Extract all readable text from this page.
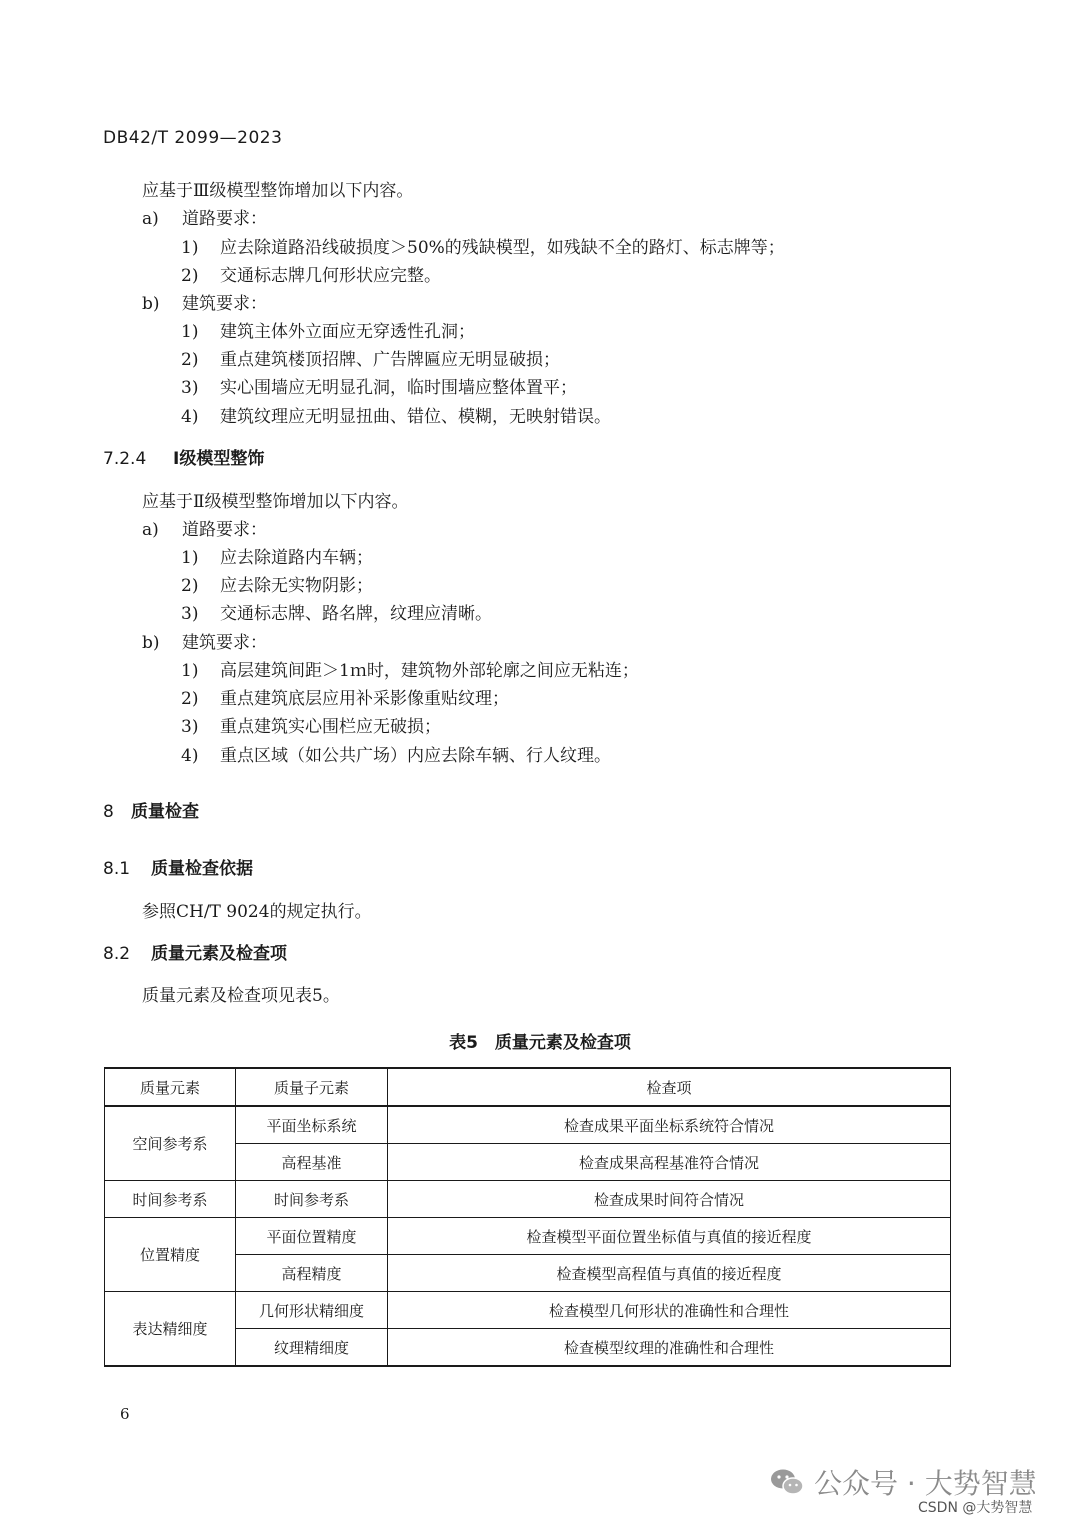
DB42/T 2099—2023
应基于Ⅲ级模型整饰增加以下内容。
a) 道路要求：
1) 应去除道路沿线破损度＞50%的残缺模型，如残缺不全的路灯、标志牌等；
2) 交通标志牌几何形状应完整。
b) 建筑要求：
1) 建筑主体外立面应无穿透性孔洞；
2) 重点建筑楼顶招牌、广告牌匾应无明显破损；
3) 实心围墙应无明显孔洞，临时围墙应整体置平；
4) 建筑纹理应无明显扭曲、错位、模糊，无映射错误。
7.2.4 Ⅰ级模型整饰
应基于Ⅱ级模型整饰增加以下内容。
a) 道路要求：
1) 应去除道路内车辆；
2) 应去除无实物阴影；
3) 交通标志牌、路名牌，纹理应清晰。
b) 建筑要求：
1) 高层建筑间距＞1ｍ时，建筑物外部轮廓之间应无粘连；
2) 重点建筑底层应用补采影像重贴纹理；
3) 重点建筑实心围栏应无破损；
4) 重点区域（如公共广场）内应去除车辆、行人纹理。
8 质量检查
8.1 质量检查依据
参照CH/T 9024的规定执行。
8.2 质量元素及检查项
质量元素及检查项见表5。
表5　质量元素及检查项
质量元素	质量子元素	检查项
空间参考系	平面坐标系统	检查成果平面坐标系统符合情况
	高程基准	检查成果高程基准符合情况
时间参考系	时间参考系	检查成果时间符合情况
位置精度	平面位置精度	检查模型平面位置坐标值与真值的接近程度
	高程精度	检查模型高程值与真值的接近程度
表达精细度	几何形状精细度	检查模型几何形状的准确性和合理性
	纹理精细度	检查模型纹理的准确性和合理性
6
公众号 · 大势智慧
CSDN @大势智慧
